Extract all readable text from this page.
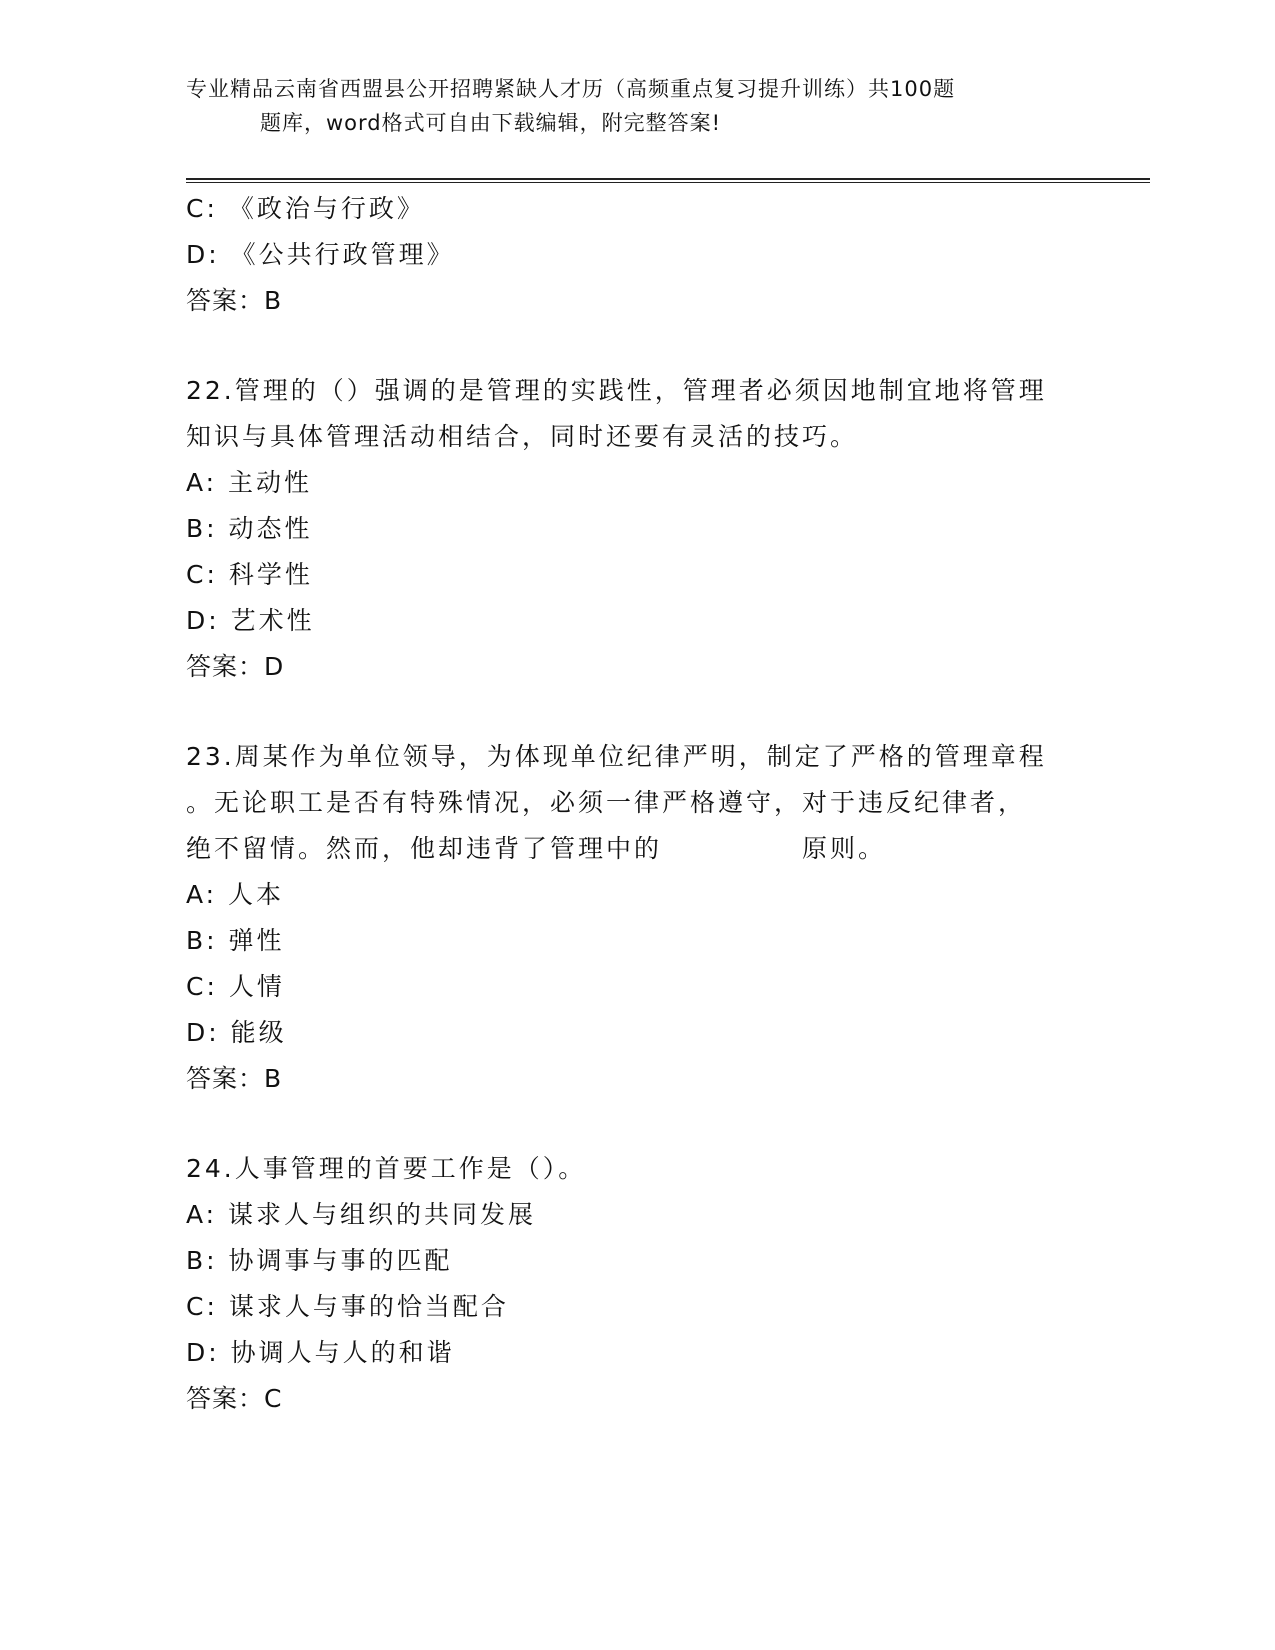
专业精品云南省西盟县公开招聘紧缺人才历（高频重点复习提升训练）共100题
题库，word格式可自由下载编辑，附完整答案!
C: 《政治与行政》
D: 《公共行政管理》
答案：B
22.管理的（）强调的是管理的实践性，管理者必须因地制宜地将管理
知识与具体管理活动相结合，同时还要有灵活的技巧。
A: 主动性
B: 动态性
C: 科学性
D: 艺术性
答案：D
23.周某作为单位领导，为体现单位纪律严明，制定了严格的管理章程
。无论职工是否有特殊情况，必须一律严格遵守，对于违反纪律者，
绝不留情。然而，他却违背了管理中的	原则。
A: 人本
B: 弹性
C: 人情
D: 能级
答案：B
24.人事管理的首要工作是（）。
A: 谋求人与组织的共同发展
B: 协调事与事的匹配
C: 谋求人与事的恰当配合
D: 协调人与人的和谐
答案：C
